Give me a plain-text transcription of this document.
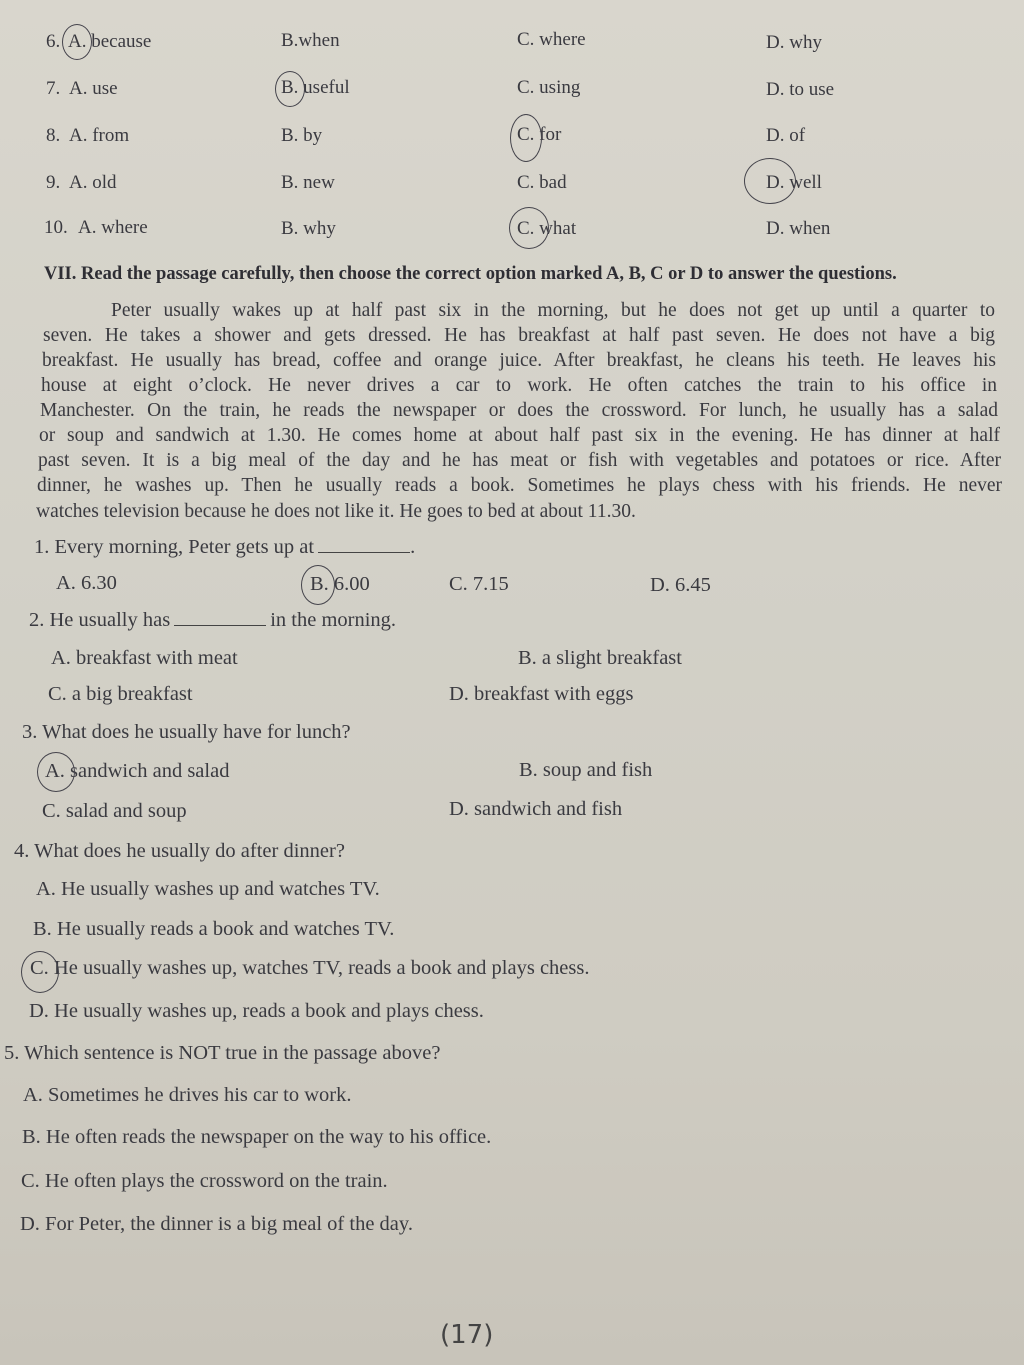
6. A. because	B.when	C. where	D. why
7. A. use	B. useful	C. using	D. to use
8. A. from	B. by	C. for	D. of
9. A. old	B. new	C. bad	D. well
10. A. where	B. why	C. what	D. when
VII. Read the passage carefully, then choose the correct option marked A, B, C or D to answer the questions.
Peter usually wakes up at half past six in the morning, but he does not get up until a quarter to
seven. He takes a shower and gets dressed. He has breakfast at half past seven. He does not have a big
breakfast. He usually has bread, coffee and orange juice. After breakfast, he cleans his teeth. He leaves his
house at eight o’clock. He never drives a car to work. He often catches the train to his office in
Manchester. On the train, he reads the newspaper or does the crossword. For lunch, he usually has a salad
or soup and sandwich at 1.30. He comes home at about half past six in the evening. He has dinner at half
past seven. It is a big meal of the day and he has meat or fish with vegetables and potatoes or rice. After
dinner, he washes up. Then he usually reads a book. Sometimes he plays chess with his friends. He never
watches television because he does not like it. He goes to bed at about 11.30.
1. Every morning, Peter gets up at	.
A. 6.30	B. 6.00	C. 7.15	D. 6.45
2. He usually has	in the morning.
A. breakfast with meat	B. a slight breakfast
C. a big breakfast	D. breakfast with eggs
3. What does he usually have for lunch?
A. sandwich and salad	B. soup and fish
C. salad and soup	D. sandwich and fish
4. What does he usually do after dinner?
A. He usually washes up and watches TV.
B. He usually reads a book and watches TV.
C. He usually washes up, watches TV, reads a book and plays chess.
D. He usually washes up, reads a book and plays chess.
5. Which sentence is NOT true in the passage above?
A. Sometimes he drives his car to work.
B. He often reads the newspaper on the way to his office.
C. He often plays the crossword on the train.
D. For Peter, the dinner is a big meal of the day.
(17)
